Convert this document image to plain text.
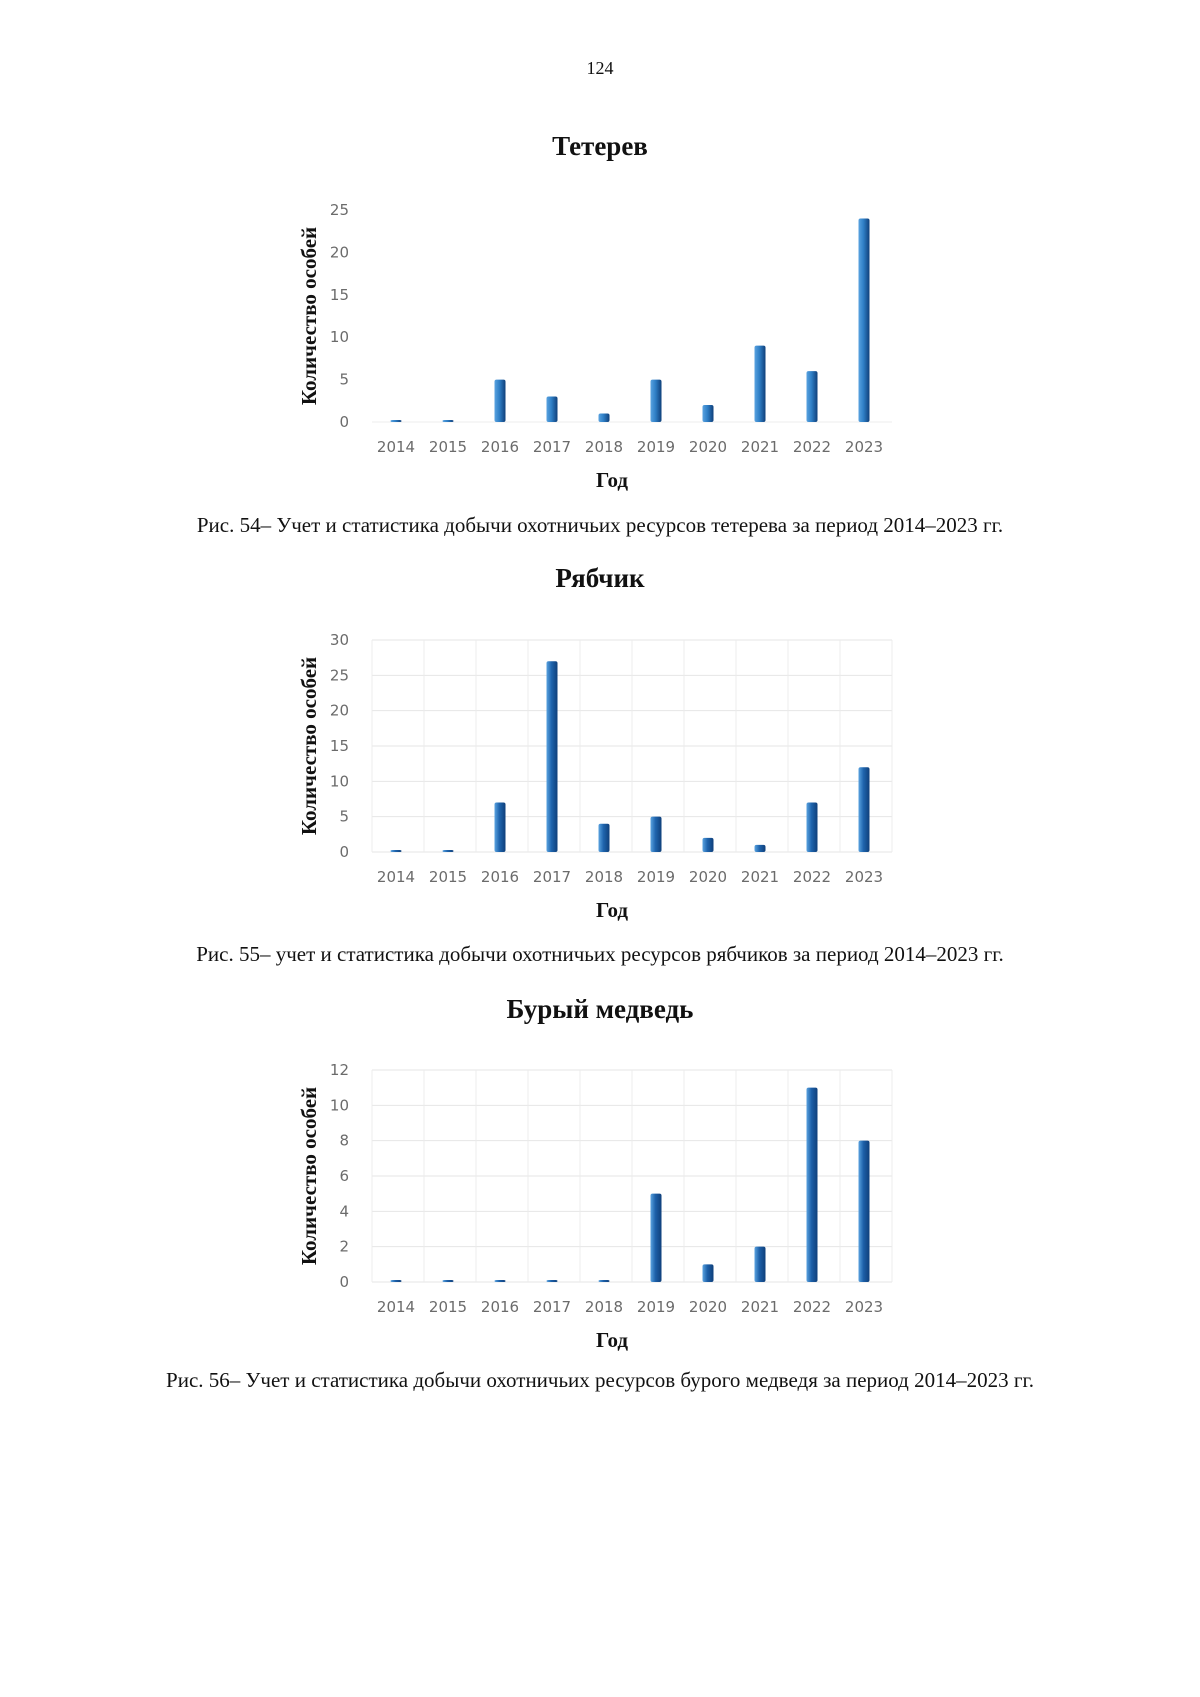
124
Тетерев
0
5
10
15
20
25
2014 2015 2016 2017 2018 2019 2020 2021 2022 2023
Год
Количество особей
Рис. 54– Учет и статистика добычи охотничьих ресурсов тетерева за период 2014–2023 гг.
Рябчик
0
5
10
15
20
25
30
2014 2015 2016 2017 2018 2019 2020 2021 2022 2023
Год
Количество особей
Рис. 55– учет и статистика добычи охотничьих ресурсов рябчиков за период 2014–2023 гг.
Бурый медведь
0
2
4
6
8
10
12
2014 2015 2016 2017 2018 2019 2020 2021 2022 2023
Год
Количество особей
Рис. 56– Учет и статистика добычи охотничьих ресурсов бурого медведя за период 2014–2023 гг.
